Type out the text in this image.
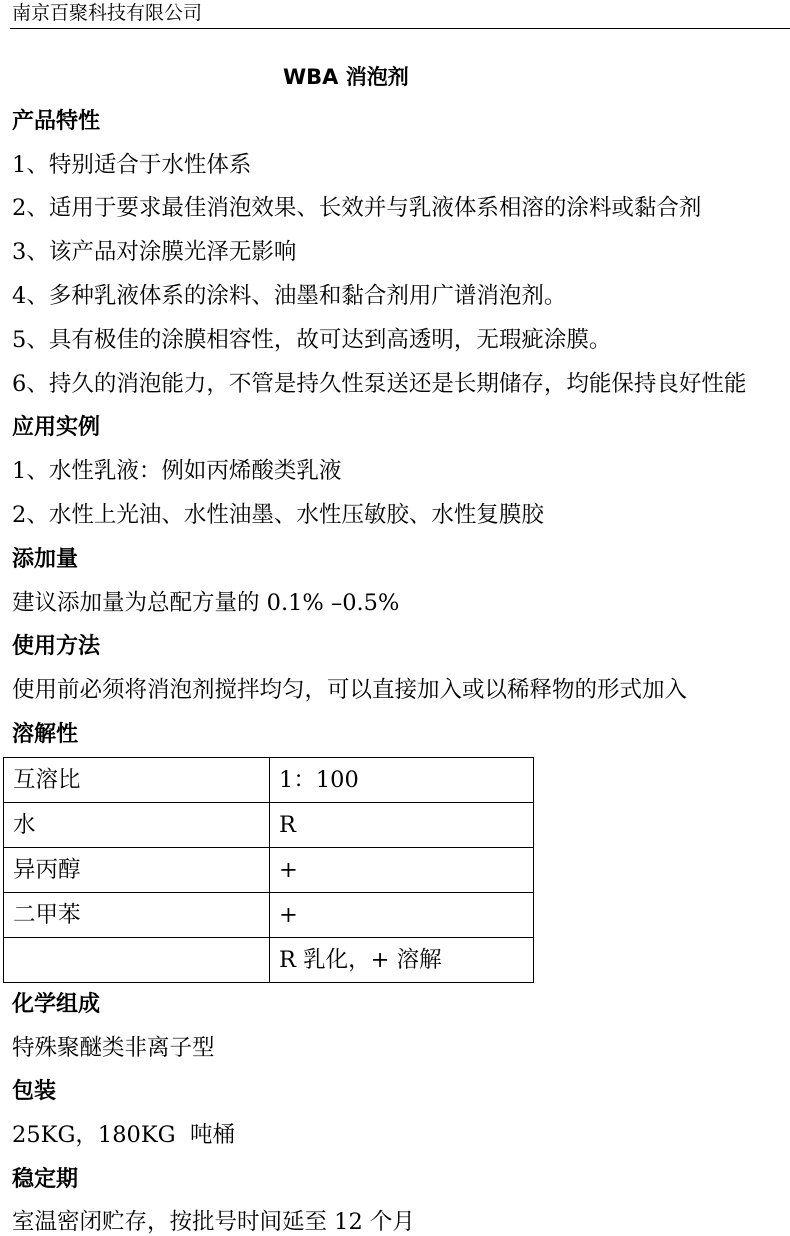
南京百聚科技有限公司
WBA 消泡剂
产品特性
1、特别适合于水性体系
2、适用于要求最佳消泡效果、长效并与乳液体系相溶的涂料或黏合剂
3、该产品对涂膜光泽无影响
4、多种乳液体系的涂料、油墨和黏合剂用广谱消泡剂。
5、具有极佳的涂膜相容性，故可达到高透明，无瑕疵涂膜。
6、持久的消泡能力，不管是持久性泵送还是长期储存，均能保持良好性能
应用实例
1、水性乳液：例如丙烯酸类乳液
2、水性上光油、水性油墨、水性压敏胶、水性复膜胶
添加量
建议添加量为总配方量的 0.1% –0.5%
使用方法
使用前必须将消泡剂搅拌均匀，可以直接加入或以稀释物的形式加入
溶解性
互溶比	1：100
水	R
异丙醇	+
二甲苯	+
	R 乳化，+ 溶解
化学组成
特殊聚醚类非离子型
包装
25KG，180KG  吨桶
稳定期
室温密闭贮存，按批号时间延至 12 个月
